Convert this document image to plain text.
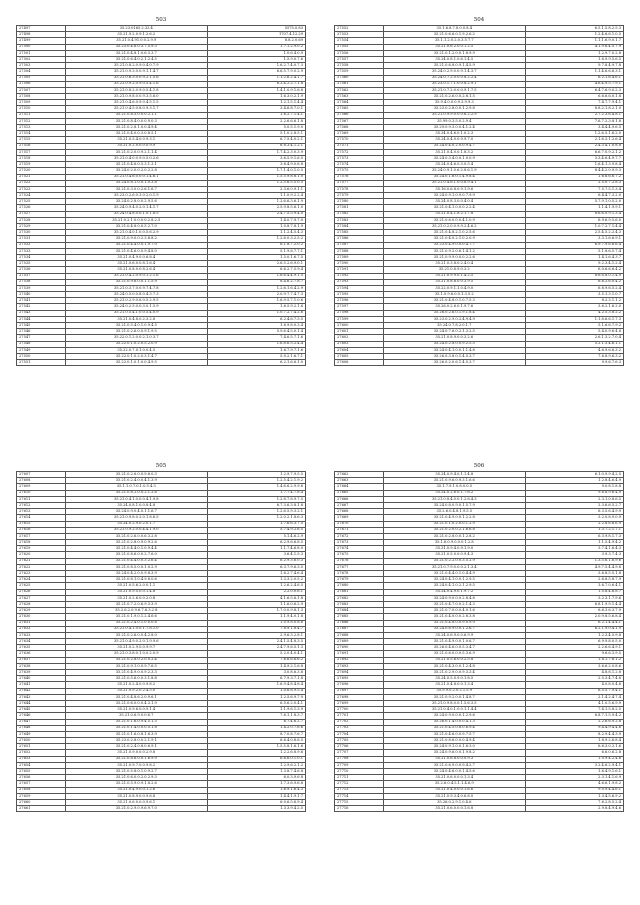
503
27497	35.23.0165.2.32.4	5575.0.83
27498	35.21.9.2.0.9.1.2.6.2	1707.4.12.29
27499	35.21.0.4.91.0.0.2.9.9	8.8.2.0.69
27500	35.23.0.4.6.0.3.7.5.9.3	1.7.1.2.9.0.2
27501	35.21.0.4.8.1.0.6.3.3.7	1.0.6.4.0.9
27502	35.21.0.6.4.0.2.1.2.4.5	1.5.9.0.7.6
27503	35.21.0.8.2.0.9.0.4.0.7.9	1.6.2.7.4.0.7.3
27504	35.21.0.9.3.0.0.9.1.1.4.7	6.6.5.7.9.0.2.9
27505	35.21.0.6.3.0.0.9.2.1.5.6	1.1.2.6.2.4.1.7
27506	35.21.0.9.2.0.9.0.5.4.1.6	6.3.4.2.2.7.1.8
27507	35.21.0.8.2.0.9.0.5.4.1.8	1.4.1.0.9.1.6.8
27508	35.21.0.9.8.0.0.9.3.5.6.0	1.6.3.0.2.1.9
27509	35.21.0.4.6.0.9.0.4.5.1.5	1.2.1.5.1.4.4
27510	35.21.0.4.5.0.8.0.9.3.1.7	3.4.6.8.7.0.1
27511	35.21.0.8.5.0.0.0.2.1.1	1.6.2.7.1.4.1
27512	35.21.0.8.4.0.0.0.9.0.3	2.2.6.6.6.1.8
27513	35.21.0.2.8.1.0.0.4.9.4	5.0.5.1.9.0
27514	35.21.0.4.0.0.3.0.8.5.1	5.1.0.2.8.5.1
27515	35.21.0.5.4.0.0.9.3.1	6.7.5.4.0.2.1
27516	35.21.0.2.0.0.0.0.9.9	6.8.3.4.1.2.1
27517	35.21.0.2.0.0.9.2.1.1.4	1.7.4.2.3.0.3.9
27518	35.21.0.4.0.0.9.0.5.0.2.6	3.6.5.9.1.6.5
27519	35.21.0.4.6.0.5.3.1.3.1	3.6.4.9.0.6.8
27520	35.24.0.2.0.0.2.0.2.2.8	1.7.1.4.0.1.0.5
27521	35.21.0.4.6.0.0.0.1.4.6.1	1.5.5.9.8.8.1.0
27522	35.24.0.8.1.0.0.1.0.3.8	1.2.5.6.5.5.0.5
27523	35.21.0.3.0.0.2.6.1.6.7	2.3.6.0.9.1.1
27524	35.23.0.2.6.0.3.0.2.0.1.9	1.1.0.9.2.2.4
27525	35.24.0.2.8.0.0.2.9.5.6	1.2.6.6.3.6.1.9
27526	35.24.0.9.4.0.2.0.1.4.1.7	2.5.9.8.5.6.1.0
27527	35.24.0.4.8.0.0.1.0.1.8.5	2.4.7.5.5.9.4.0
27528	35.21.0.2.1.0.0.0.0.2.8.2.5	1.4.0.7.9.7.0
27529	35.21.0.4.8.0.0.5.2.7.0	1.0.8.7.8.1.9
27530	35.21.0.4.0.1.0.0.5.6.2.9	1.1.2.4.5.4.3
27531	35.21.0.9.0.0.2.3.8.8.2	1.2.6.0.3.2.5.2
27532	35.21.0.4.4.0.0.1.9.7.0	6.1.8.7.2.0.2
27533	35.21.0.4.6.0.0.9.4.8.0	5.1.9.6.7.7.1
27534	35.21.0.4.9.0.0.6.8.4	1.5.0.1.6.7.5
27535	35.21.0.6.0.0.8.1.6.4	2.6.5.2.6.9.0.1
27536	35.21.0.8.0.0.8.2.6.4	6.6.2.7.5.9.4
27537	35.21.0.4.2.0.9.0.1.2.1.6	1.6.6.4.4.9.1.5
27538	35.21.0.9.6.0.0.1.1.5.9	8.4.6.2.7.8.7
27539	35.21.0.3.7.0.0.9.7.4.7.8	1.2.6.1.6.4.2.9
27540	35.24.0.5.0.0.8.0.4.3.7.3	2.0.9.7.7.4.7.3
27541	35.21.0.2.9.0.6.0.5.2.9.5	1.6.9.5.7.1.0.6
27542	35.24.0.2.5.0.0.3.0.1.5.9	1.6.5.9.2.1.6
27543	35.21.0.5.4.1.0.0.5.4.0.9	1.0.7.2.7.4.2.6
27544	35.21.0.4.8.0.2.3.2.8	6.2.4.6.7.3.5
27545	35.21.0.5.4.0.1.0.9.4.5	1.6.9.8.0.3.4
27546	35.21.0.2.6.0.0.9.1.9.5	5.9.6.4.5.0.1.4
27547	35.22.0.1.2.0.0.2.1.0.3.7	7.4.6.5.7.1.6
27548	35.22.0.1.0.2.0.5.2.0.9	1.6.8.6.5.2.4.4
27549	35.22.0.7.0.1.0.0.4.5	1.6.7.9.7.1.6
27550	35.22.0.1.0.2.0.3.1.4.7	5.0.2.1.6.7.1
27551	35.22.0.1.0.1.0.0.4.9.5	6.2.1.6.6.1.0
504
27552	35.1.6.8.7.8.0.0.8.4	6.5.1.5.8.2.5.3
27553	35.21.0.6.6.0.1.9.2.6.2	1.2.4.6.6.1.0.5
27554	35.1.1.2.0.2.0.3.5.7.7	1.1.1.6.9.0.1.7
27555	35.21.0.6.2.0.0.1.2.5	4.1.9.6.4.5.7.9
27556	35.21.0.1.2.0.0.1.8.9.9	1.2.9.7.0.2.8
27557	35.24.0.8.1.0.6.1.4.5	1.6.9.9.5.6.5
27558	35.21.0.6.8.0.9.1.4.5.9	9.7.8.4.9.7.8
27559	35.24.0.2.9.0.0.9.1.4.3.7	1.1.4.6.6.6.3.1
27560	35.24.0.7.2.0.0.0.8.2.2.4	6.2.1.6.4.6.1
27561	35.23.0.1.7.1.0.0.8.2.9.1	4.6.4.9.5.7.9.1
27562	35.21.0.7.2.0.0.0.9.1.7.5	6.4.7.6.9.0.2.3
27563	35.21.0.2.6.0.0.2.8.1.5	6.6.6.6.0.1.8
27564	35.9.4.0.0.0.9.3.9.9.3	7.4.7.7.9.4.1
27565	35.23.0.2.8.0.0.1.2.9.8	8.8.2.1.8.2.1.0
27566	35.21.0.9.9.0.0.0.6.2.2.9	2.7.2.3.6.4.8.1
27567	35.99.0.3.5.0.2.9.4	7.6.7.2.3.8.1.8
27568	35.29.0.9.3.0.0.4.1.2.4	3.4.4.4.9.6.5
27569	35.34.0.4.6.0.1.0.2.3	1.2.6.5.1.6.2.0
27570	35.24.0.4.0.0.9.9.7.0	2.1.6.3.1.2.6.4
27571	35.24.0.4.0.2.0.0.9.4.7	2.4.3.4.1.0.8.8
27572	35.21.0.4.0.0.1.8.3.2	6.6.7.0.9.2.1.2
27573	35.24.0.3.4.0.0.1.0.0.9	3.3.4.6.4.9.7.7
27574	35.24.0.4.6.0.3.0.5.4	1.6.4.1.3.9.8.4
27575	35.24.0.9.1.0.6.2.8.6.1.9	8.4.4.2.0.9.9.3
27576	35.24.0.1.6.0.1.4.9.8.4	1.6.6.6.6.7.2
27577	35.21.0.4.6.1.0.0.8.9.4.1	2.5.0.7.2.8.3
27578	35.16.0.6.8.0.9.1.9.6	7.5.7.5.1.3.4
27579	35.24.0.9.1.0.9.0.7.9.9	6.4.4.7.3.2.0
27580	35.24.0.8.3.0.0.4.0.4	5.7.9.1.0.5.2.0
27581	35.21.0.4.1.0.0.0.2.2.4	1.1.4.1.9.9.1
27582	35.21.0.4.1.8.2.1.7.8	8.6.6.0.9.1.3.4
27583	35.21.0.6.0.0.0.4.1.0.9	6.9.6.9.5.6.0
27584	35.21.0.2.0.0.9.9.2.4.6.2	1.0.7.2.7.1.4.4
27585	35.21.0.4.8.2.1.0.2.5.6	2.5.4.5.2.2.4.3
27586	35.21.0.4.0.2.1.0.2.0.9	3.3.1.6.6.9.1
27587	35.23.0.4.9.0.0.0.4.7.7	6.9.7.9.6.6.6.4
27588	35.21.0.9.2.0.6.1.4.1.2	5.1.8.6.5.7.4
27589	35.21.0.9.9.0.0.0.2.2.6	1.4.1.6.4.3.7
27590	35.21.0.3.8.0.2.4.0.4	9.2.3.4.1.2.4
27591	35.21.0.8.9.0.3.2	6.0.6.6.6.4.2
27592	35.21.0.9.9.0.1.4.2.5	8.6.8.8.0.1.4.9
27593	35.21.0.8.8.0.0.3.9.5	6.6.2.6.0.4.2
27594	35.22.0.9.1.1.0.4.9.0	6.8.9.6.5.2.4
27595	35.1.0.9.6.0.0.1.3.5.2	3.5.1.3.1.0.7
27596	35.21.0.4.8.0.1.0.7.5.3	8.2.3.1.1.2
27597	35.26.0.2.6.0.1.9.7.6	3.6.2.1.6.2.0
27598	35.26.0.2.6.0.1.9.1.8.4	4.2.5.3.8.2.2
27599	35.23.0.2.9.0.2.4.9.4.9	1.1.8.6.6.1.7.3
27600	35.24.0.7.8.2.0.1.7	5.1.6.6.7.9.2
27601	35.24.0.7.6.0.2.1.3.2.5	5.4.0.9.6.4.8
27602	35.21.0.8.9.0.0.3.2.6	2.6.1.3.2.7.0.4
27603	35.24.0.2.8.0.0.9.2.5.5	5.2.1.5.4.6.1.1
27604	35.24.0.4.1.0.0.1.1.4.8	4.6.9.6.6.3.2
27605	35.26.0.3.8.0.1.4.5.3.7	7.6.8.9.6.3.2
27606	35.26.0.2.0.6.1.4.5.3.7	9.9.6.7.6.3
505
27607	35.21.0.2.6.0.0.9.6.0.3	1.2.9.7.9.5.5
27608	35.21.0.2.4.0.0.4.1.3.9	1.2.5.4.2.1.9.2
27609	35.1.1.0.7.0.1.0.5.4.3	1.4.6.6.2.9.9.6
27610	35.21.0.8.2.0.0.2.1.2.6	1.7.7.4.7.8.4
27611	35.21.0.4.1.0.0.0.4.1.9.8	1.2.8.7.8.9.7.5
27612	35.24.0.8.1.0.0.8.4.8	6.7.3.6.3.8.1.8
27613	35.24.0.9.0.4.0.1.1.6.7	1.2.6.5.9.3.2.1
27614	35.21.0.9.8.0.2.0.1.8.6.5	1.2.0.2.1.8.6.3
27615	35.24.0.2.9.0.2.0.1.7	1.7.6.6.3.7.5
27616	35.21.0.9.2.0.0.4.4.1.9.0	5.7.4.9.2.6.5
27617	35.21.0.2.6.0.0.6.3.2.8	5.1.4.6.2.9
27618	35.21.0.2.8.0.9.0.9.2.6	6.2.9.6.6.8.5
27619	35.21.0.4.4.0.1.0.9.4.4	1.1.7.4.6.8.0
27620	35.21.0.8.6.0.0.2.7.6.0	3.6.4.1.5.3
27621	35.21.0.4.4.0.0.3.2.6.4	6.2.9.3.6.0.3
27622	35.21.0.8.5.0.0.1.0.2.9	6.3.7.9.6.3.5
27623	35.24.0.4.2.0.0.9.8.3.9	1.6.2.7.4.6.4
27624	35.21.0.8.1.0.4.9.8.0.6	1.3.3.2.0.5.2
27625	35.21.0.5.6.2.0.0.1.1	1.2.6.2.4.6.5
27626	35.21.0.9.5.0.0.1.4.8	2.2.0.0.6.1
27627	35.21.0.2.6.0.0.2.0.8	4.1.6.5.6.1.8
27628	35.21.0.7.2.0.6.9.3.3.9	1.1.6.0.6.2.9
27629	35.2.6.2.0.9.6.7.6.3.2.8	1.7.0.0.9.8.1.3
27630	35.21.0.1.9.0.1.2.4.6.6	1.1.9.4.0.1.8
27631	35.21.0.2.4.0.1.0.0.0.8	1.0.9.8.0.8.6
27632	35.21.0.4.1.0.0.1.7.8.1.0	7.8.9.1.8.4.7
27633	35.21.0.2.6.0.0.4.2.8.0	2.9.6.3.2.8.1
27634	35.21.0.4.9.0.2.0.1.9.9.6	2.4.1.5.4.8.3.5
27635	35.21.0.2.9.0.0.9.9.7	2.4.7.9.6.5.1.3
27636	35.21.0.3.8.0.1.0.0.2.0.9	5.2.0.4.0.4.1
27637	35.21.0.2.8.0.2.0.0.2.4	7.6.6.6.6.6.2
27638	35.21.0.9.1.0.0.9.7.6.5	1.4.9.2.1.6.8
27639	35.21.0.4.9.0.0.9.2.3.3	3.0.8.6.3.8
27640	35.21.0.5.6.0.0.3.1.8.8	6.7.9.3.7.1.8
27641	35.21.0.2.4.0.0.9.8.2	1.6.9.4.8.4.8.4
27642	35.21.0.9.2.0.2.4.5.0	1.0.6.8.9.5.4
27643	35.21.0.4.8.6.2.0.9.6.1	1.2.5.6.9.7.9
27644	35.21.0.6.0.0.0.4.3.1.9	6.5.6.2.0.4.1
27645	35.21.0.9.6.0.0.9.1.4	1.1.9.6.1.3.9
27646	35.21.0.6.9.0.0.6.7	7.6.1.1.8.3.7
27647	35.21.0.1.6.0.9.4.5.1.3	6.7.4.6.2.7
27648	35.21.0.1.4.0.0.0.5.1.8	1.4.2.0.7.6.6
27649	35.21.0.1.6.0.8.1.6.3.9	8.7.0.8.7.6.7
27650	35.23.0.2.8.0.0.2.1.9.1	6.6.4.0.8.6.5
27651	35.21.0.2.4.0.8.0.6.9.1	1.5.5.8.1.6.1.6
27652	35.21.0.9.0.0.0.2.9.8	1.2.2.6.8.9.6
27653	35.21.0.8.6.0.0.1.6.9.9	6.6.6.0.1.0.1
27654	35.21.0.9.7.0.0.9.8.2	1.2.9.6.2.1.2
27655	35.21.0.5.8.0.1.0.9.2.7	1.3.8.7.4.6.8
27656	35.21.0.6.0.0.2.0.2.9.3	6.0.3.9.6.8
27657	35.21.0.5.9.0.9.1.8.2.6	1.7.3.6.9.6.8
27658	35.21.0.4.9.0.0.1.2.6	1.6.9.1.6.4.3
27659	35.21.0.8.9.0.0.9.6.8	1.4.4.1.9.1.7
27660	35.21.0.6.0.0.0.9.6.1	6.0.6.5.6.9.4
27661	35.21.0.2.9.0.9.6.9.7.0	1.3.3.9.4.2.5
506
27662	35.24.0.9.4.0.1.1.4.8	6.1.0.9.9.4.2.5
27663	35.21.0.9.6.0.9.3.1.6.6	1.2.8.4.6.4.9
27664	35.1.7.9.1.0.8.0.0.5	9.0.8.1.8.8
27665	35.24.0.2.6.0.1.7.6.2	9.6.8.9.6.4.9
27666	35.21.0.8.4.0.0.1.2.6.4.3	2.3.1.0.8.6.5
27667	35.24.0.8.0.9.0.1.5.7.9	2.3.6.6.5.2.7
27668	35.2.6.0.4.8.1.9.5.5	6.3.5.6.4.9.9
27669	35.21.0.4.9.0.0.1.2.2.8	3.2.0.8.9.0.9
27670	35.21.0.1.0.2.0.0.1.2.9	2.2.8.6.6.6.9
27671	35.21.0.2.0.0.2.1.6.6.8	1.3.7.2.1.7.1
27672	35.21.0.2.8.0.0.1.2.8.2	6.3.9.8.1.7.3
27673	35.1.6.0.9.0.0.0.1.2.8	1.1.5.4.9.4.2
27674	35.31.0.9.4.0.9.1.9.0	3.7.4.1.6.4.3
27675	35.21.0.5.0.0.0.9.4.3	3.9.3.7.4.3
27676	35.21.0.2.2.0.0.3.5.2.9	1.3.5.6.1.6.9.6
27677	35.21.0.7.9.0.0.0.2.1.3.4	4.9.7.5.4.4.9.6
27678	35.21.0.4.4.0.1.0.4.4.9	3.6.8.5.5.1.8
27679	35.24.0.4.1.0.0.1.2.9.5	2.6.8.5.8.7.9
27680	35.24.0.4.1.0.2.1.2.9.5	3.6.7.0.6.4.1
27681	35.24.0.4.9.0.1.9.7.2	1.5.8.4.6.8.7
27682	35.24.0.9.0.0.0.2.8.4.8	3.2.3.1.7.9.6
27683	35.21.0.4.7.0.0.2.1.4.3	6.8.1.9.9.1.4.4
27684	35.21.0.7.0.0.0.4.0.1.6	6.6.3.6.3.7.9
27685	35.21.0.4.0.0.0.2.8.3.8	2.0.9.8.5.6.8.4
27686	35.21.0.4.8.0.0.9.0.9.9	6.2.1.4.4.4.1
27687	35.24.0.6.9.0.0.1.2.6.7	6.2.1.9.0.4.1.9
27688	35.24.0.6.9.0.0.6.9.9	1.2.3.4.5.9.8
27689	35.21.0.4.9.0.0.1.0.6.7	6.9.9.8.0.5.0
27690	35.26.0.4.6.0.0.5.3.4.7	2.2.6.6.4.9.1
27691	35.21.0.6.0.0.0.5.3.6.9	9.6.6.3.9.5
27692	35.21.0.5.6.0.0.2.5.8	1.8.1.7.6.1.2
27693	35.21.0.4.3.0.0.1.2.4.8	3.6.6.2.0.8.6
27694	35.21.0.2.9.0.0.9.3.3.4	4.8.8.1.2.8
27695	35.24.0.5.0.9.0.1.8.5	2.5.3.4.7.4.8
27696	35.21.0.4.8.0.0.1.3.4	4.0.8.0.4.6
27697	35.9.9.0.2.0.2.1.5.9	6.5.5.7.9.4.1
27698	35.21.0.9.2.0.0.1.4.8.7	2.1.4.2.4.7.4
27699	35.21.0.9.8.0.0.1.5.6.3.5	4.1.0.5.6.9.9
27700	35.21.0.4.0.1.0.0.1.1.4.4	7.4.1.5.8.2.5
27701	35.24.0.9.0.0.0.1.2.9.6	6.8.7.1.5.9.4.2
27702	35.26.0.1.4.0.0.0.4.1.3	2.2.6.6.9.2.8
27703	35.21.0.4.5.0.8.0.6.9.4	9.4.4.9.4.4.6
27704	35.21.0.4.6.0.0.9.7.5.7	8.2.9.4.4.3.9
27705	35.21.0.8.6.0.0.0.4.9.4	1.8.9.2.6.8.4
27706	35.24.0.9.1.0.0.1.6.3.0	6.6.3.0.2.1.6
27707	35.24.0.9.6.0.0.1.9.8.2	6.6.0.6.2.8
27708	35.21.0.6.8.0.0.0.9.3	1.0.9.4.2.4.6
27709	35.21.0.6.9.0.0.9.4.2.7	3.2.4.6.2.9.4.1
27710	35.24.0.4.6.0.0.1.4.5.6	1.6.4.9.1.6.1
27711	35.21.0.6.0.0.0.1.3.4	2.3.1.4.1.6.9
27712	35.2.6.0.4.5.1.1.4.6.9	4.6.6.1.9.8.2
27713	35.21.0.4.0.0.0.1.6.6	9.0.9.4.4.6.1
27714	35.21.0.9.3.4.0.6.8.0	1.3.4.5.6.9.2
27715	35.26.0.2.9.1.0.4.6	7.6.2.8.5.2.4
27716	35.21.0.6.0.0.0.1.6.8	2.9.8.4.9.4.6
